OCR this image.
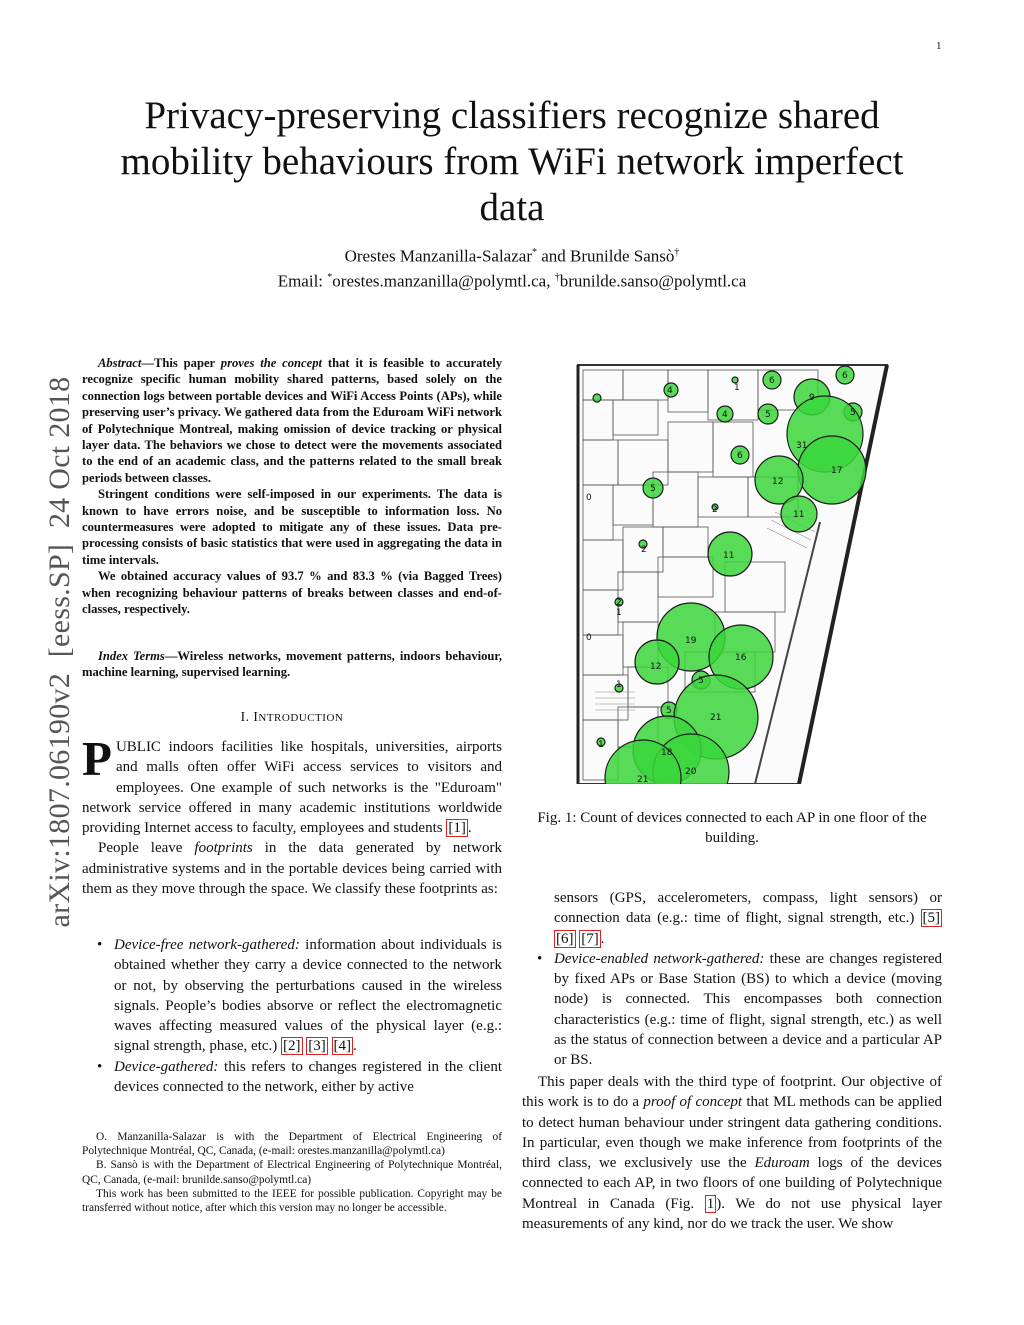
1
Privacy-preserving classifiers recognize shared
mobility behaviours from WiFi network imperfect
data
Orestes Manzanilla-Salazar* and Brunilde Sansò†
Email: *orestes.manzanilla@polymtl.ca, †brunilde.sanso@polymtl.ca
arXiv:1807.06190v2  [eess.SP]  24 Oct 2018

Abstract—This paper proves the concept that it is feasible to accurately recognize specific human mobility shared patterns, based solely on the connection logs between portable devices and WiFi Access Points (APs), while preserving user’s privacy. We gathered data from the Eduroam WiFi network of Polytechnique Montreal, making omission of device tracking or physical layer data. The behaviors we chose to detect were the movements associated to the end of an academic class, and the patterns related to the small break periods between classes.

Stringent conditions were self-imposed in our experiments. The data is known to have errors noise, and be susceptible to information loss. No countermeasures were adopted to mitigate any of these issues. Data pre-processing consists of basic statistics that were used in aggregating the data in time intervals.

We obtained accuracy values of 93.7 % and 83.3 % (via Bagged Trees) when recognizing behaviour patterns of breaks between classes and end-of-classes, respectively.

Index Terms—Wireless networks, movement patterns, indoors behaviour, machine learning, supervised learning.

I. INTRODUCTION

PUBLIC indoors facilities like hospitals, universities, airports and malls often offer WiFi access services to visitors and employees. One example of such networks is the "Eduroam" network service offered in many academic institutions worldwide providing Internet access to faculty, employees and students [1] .

People leave footprints in the data generated by network administrative systems and in the portable devices being carried with them as they move through the space. We classify these footprints as:

• Device-free network-gathered: information about individuals is obtained whether they carry a device connected to the network or not, by observing the perturbations caused in the wireless signals. People’s bodies absorve or reflect the electromagnetic waves affecting measured values of the physical layer (e.g.: signal strength, phase, etc.) [2] [3] [4] .
• Device-gathered: this refers to changes registered in the client devices connected to the network, either by active

O. Manzanilla-Salazar is with the Department of Electrical Engineering of Polytechnique Montréal, QC, Canada, (e-mail: orestes.manzanilla@polymtl.ca)

B. Sansò is with the Department of Electrical Engineering of Polytechnique Montréal, QC, Canada, (e-mail: brunilde.sanso@polymtl.ca)

This work has been submitted to the IEEE for possible publication. Copyright may be transferred without notice, after which this version may no longer be accessible.

4	1
6	6
9
5
4	5
31
17
6
12
5
2	11
2
11
0
1
2
19
16
12
5
1
5
21
18
20
21
1
0
Fig. 1: Count of devices connected to each AP in one floor of the building.
sensors (GPS, accelerometers, compass, light sensors) or connection data (e.g.: time of flight, signal strength, etc.) [5] [6] [7] .
• Device-enabled network-gathered: these are changes registered by fixed APs or Base Station (BS) to which a device (moving node) is connected. This encompasses both connection characteristics (e.g.: time of flight, signal strength, etc.) as well as the status of connection between a device and a particular AP or BS.

This paper deals with the third type of footprint. Our objective of this work is to do a proof of concept that ML methods can be applied to detect human behaviour under stringent data gathering conditions. In particular, even though we make inference from footprints of the third class, we exclusively use the Eduroam logs of the devices connected to each AP, in two floors of one building of Polytechnique Montreal in Canada (Fig. 1 ). We do not use physical layer measurements of any kind, nor do we track the user. We show
